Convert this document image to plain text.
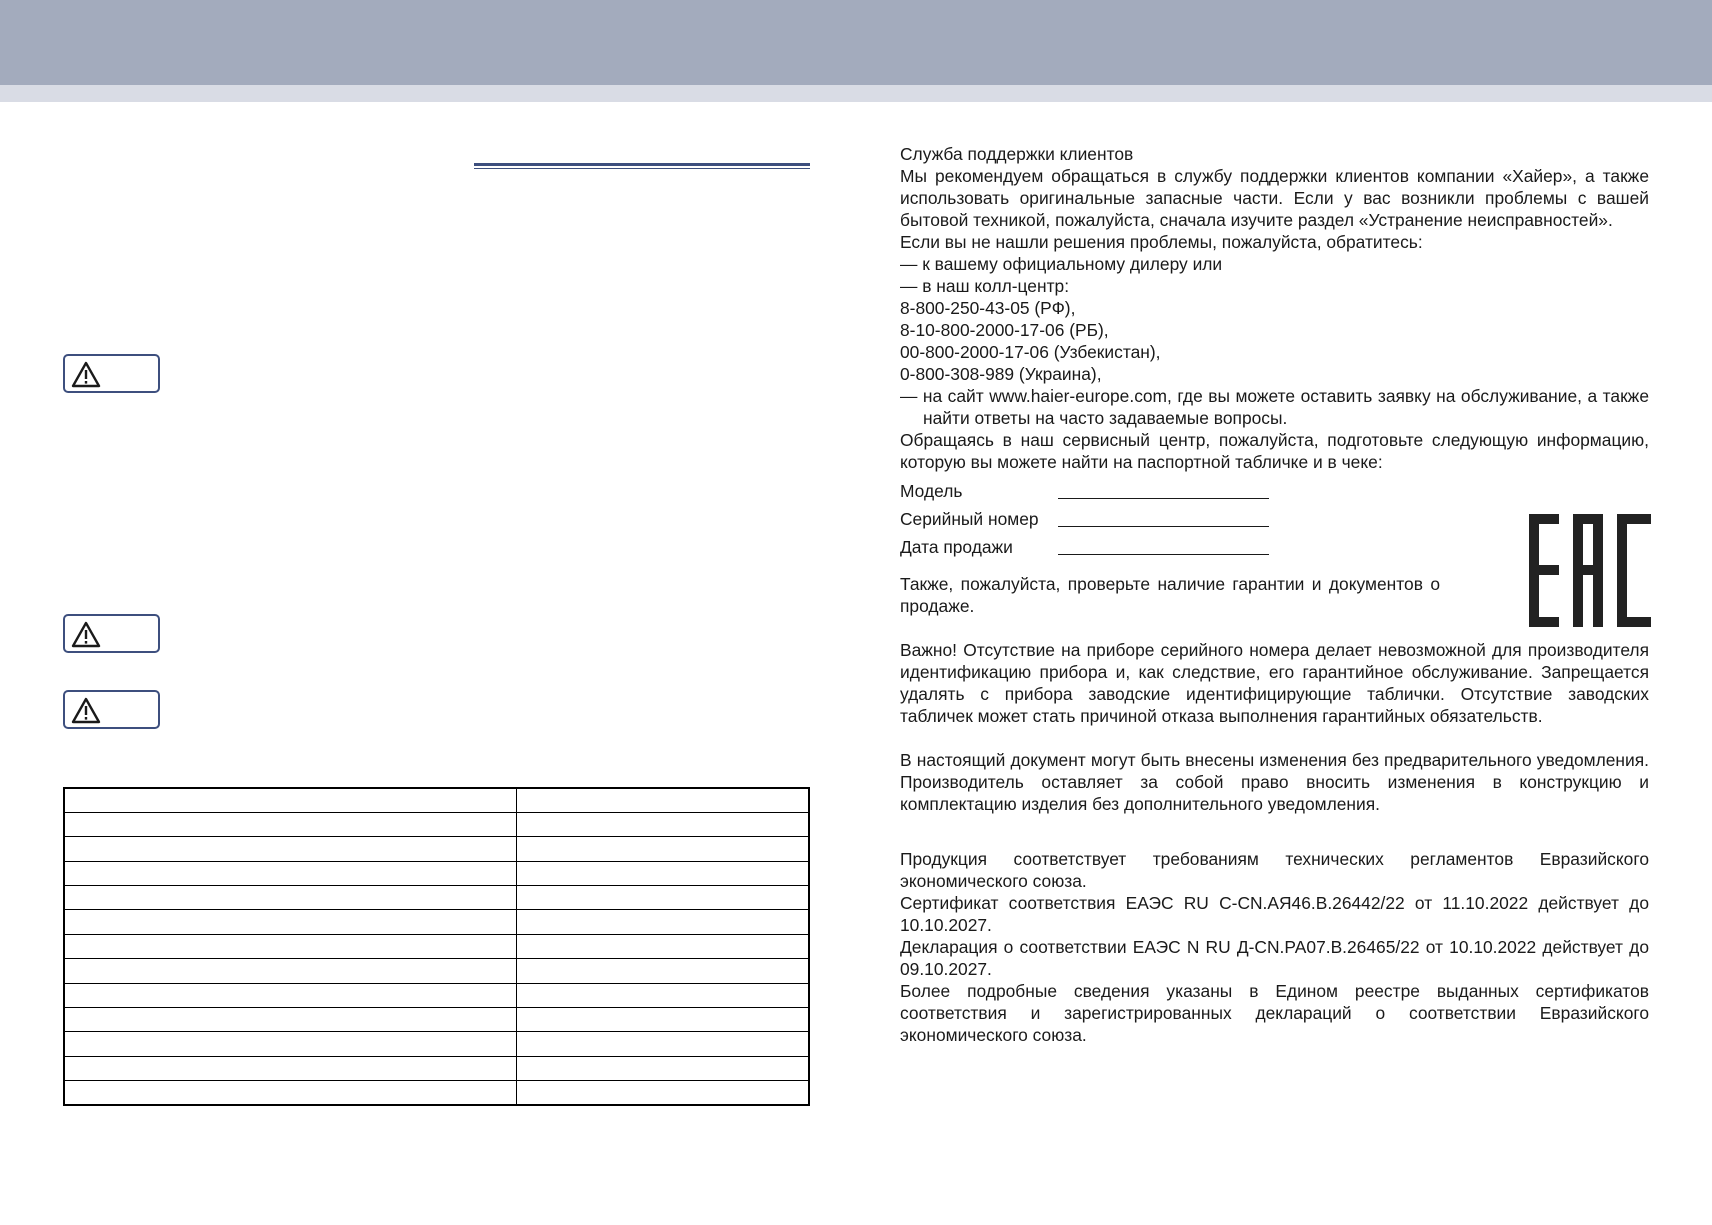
Служба поддержки клиентов

Мы рекомендуем обращаться в службу поддержки клиентов компании «Хайер», а также использовать оригинальные запасные части. Если у вас возникли проблемы с вашей бытовой техникой, пожалуйста, сначала изучите раздел «Устранение неисправностей».

Если вы не нашли решения проблемы, пожалуйста, обратитесь:

— к вашему официальному дилеру или

— в наш колл-центр:

8-800-250-43-05 (РФ),

8-10-800-2000-17-06 (РБ),

00-800-2000-17-06 (Узбекистан),

0-800-308-989 (Украина),

— на сайт www.haier-europe.com, где вы можете оставить заявку на обслуживание, а также найти ответы на часто задаваемые вопросы.

Обращаясь в наш сервисный центр, пожалуйста, подготовьте следующую информацию, которую вы можете найти на паспортной табличке и в чеке:

Модель
Серийный номер
Дата продажи

Также, пожалуйста, проверьте наличие гарантии и документов о продаже.

Важно! Отсутствие на приборе серийного номера делает невозможной для производителя идентификацию прибора и, как следствие, его гарантийное обслуживание. Запрещается удалять с прибора заводские идентифицирующие таблички. Отсутствие заводских табличек может стать причиной отказа выполнения гарантийных обязательств.

В настоящий документ могут быть внесены изменения без предварительного уведомления. Производитель оставляет за собой право вносить изменения в конструкцию и комплектацию изделия без дополнительного уведомления.

Продукция соответствует требованиям технических регламентов Евразийского экономического союза.

Сертификат соответствия ЕАЭС RU C-CN.АЯ46.В.26442/22 от 11.10.2022 действует до 10.10.2027.

Декларация о соответствии ЕАЭС N RU Д-CN.РА07.В.26465/22 от 10.10.2022 действует до 09.10.2027.

Более подробные сведения указаны в Едином реестре выданных сертификатов соответствия и зарегистрированных деклараций о соответствии Евразийского экономического союза.
